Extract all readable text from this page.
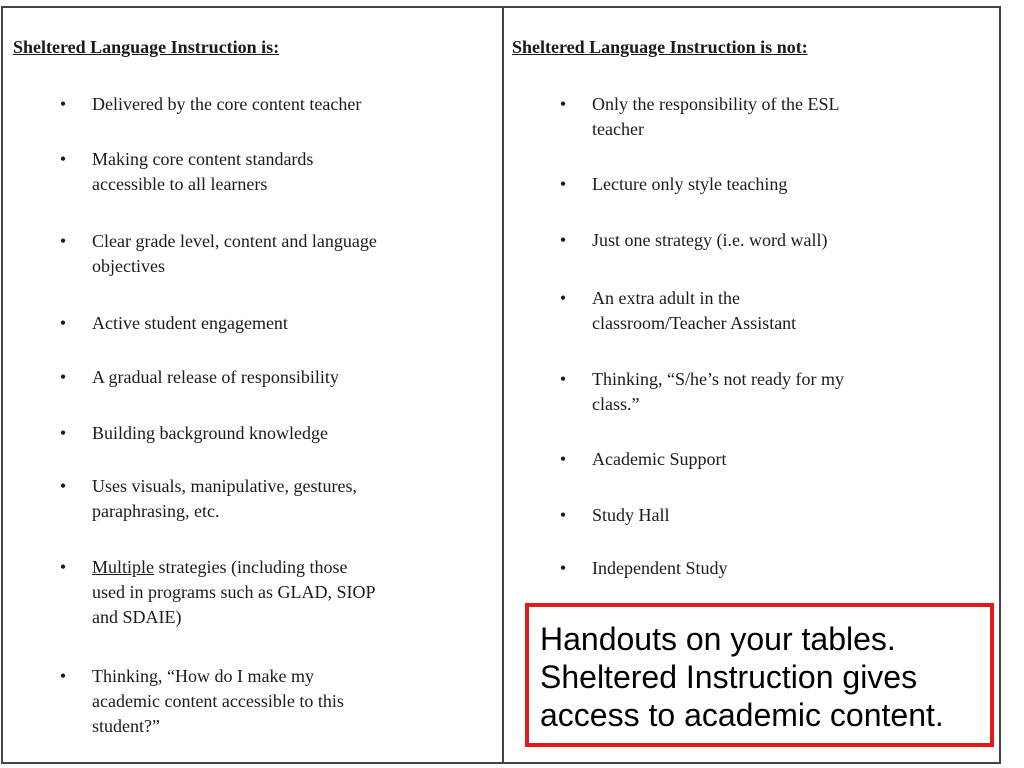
Sheltered Language Instruction is:
• Delivered by the core content teacher
• Making core content standards
accessible to all learners
• Clear grade level, content and language
objectives
• Active student engagement
• A gradual release of responsibility
• Building background knowledge
• Uses visuals, manipulative, gestures,
paraphrasing, etc.
• Multiple strategies (including those
used in programs such as GLAD, SIOP
and SDAIE)
• Thinking, “How do I make my
academic content accessible to this
student?”
Sheltered Language Instruction is not:
• Only the responsibility of the ESL
teacher
• Lecture only style teaching
• Just one strategy (i.e. word wall)
• An extra adult in the
classroom/Teacher Assistant
• Thinking, “S/he’s not ready for my
class.”
• Academic Support
• Study Hall
• Independent Study
Handouts on your tables.
Sheltered Instruction gives
access to academic content.
